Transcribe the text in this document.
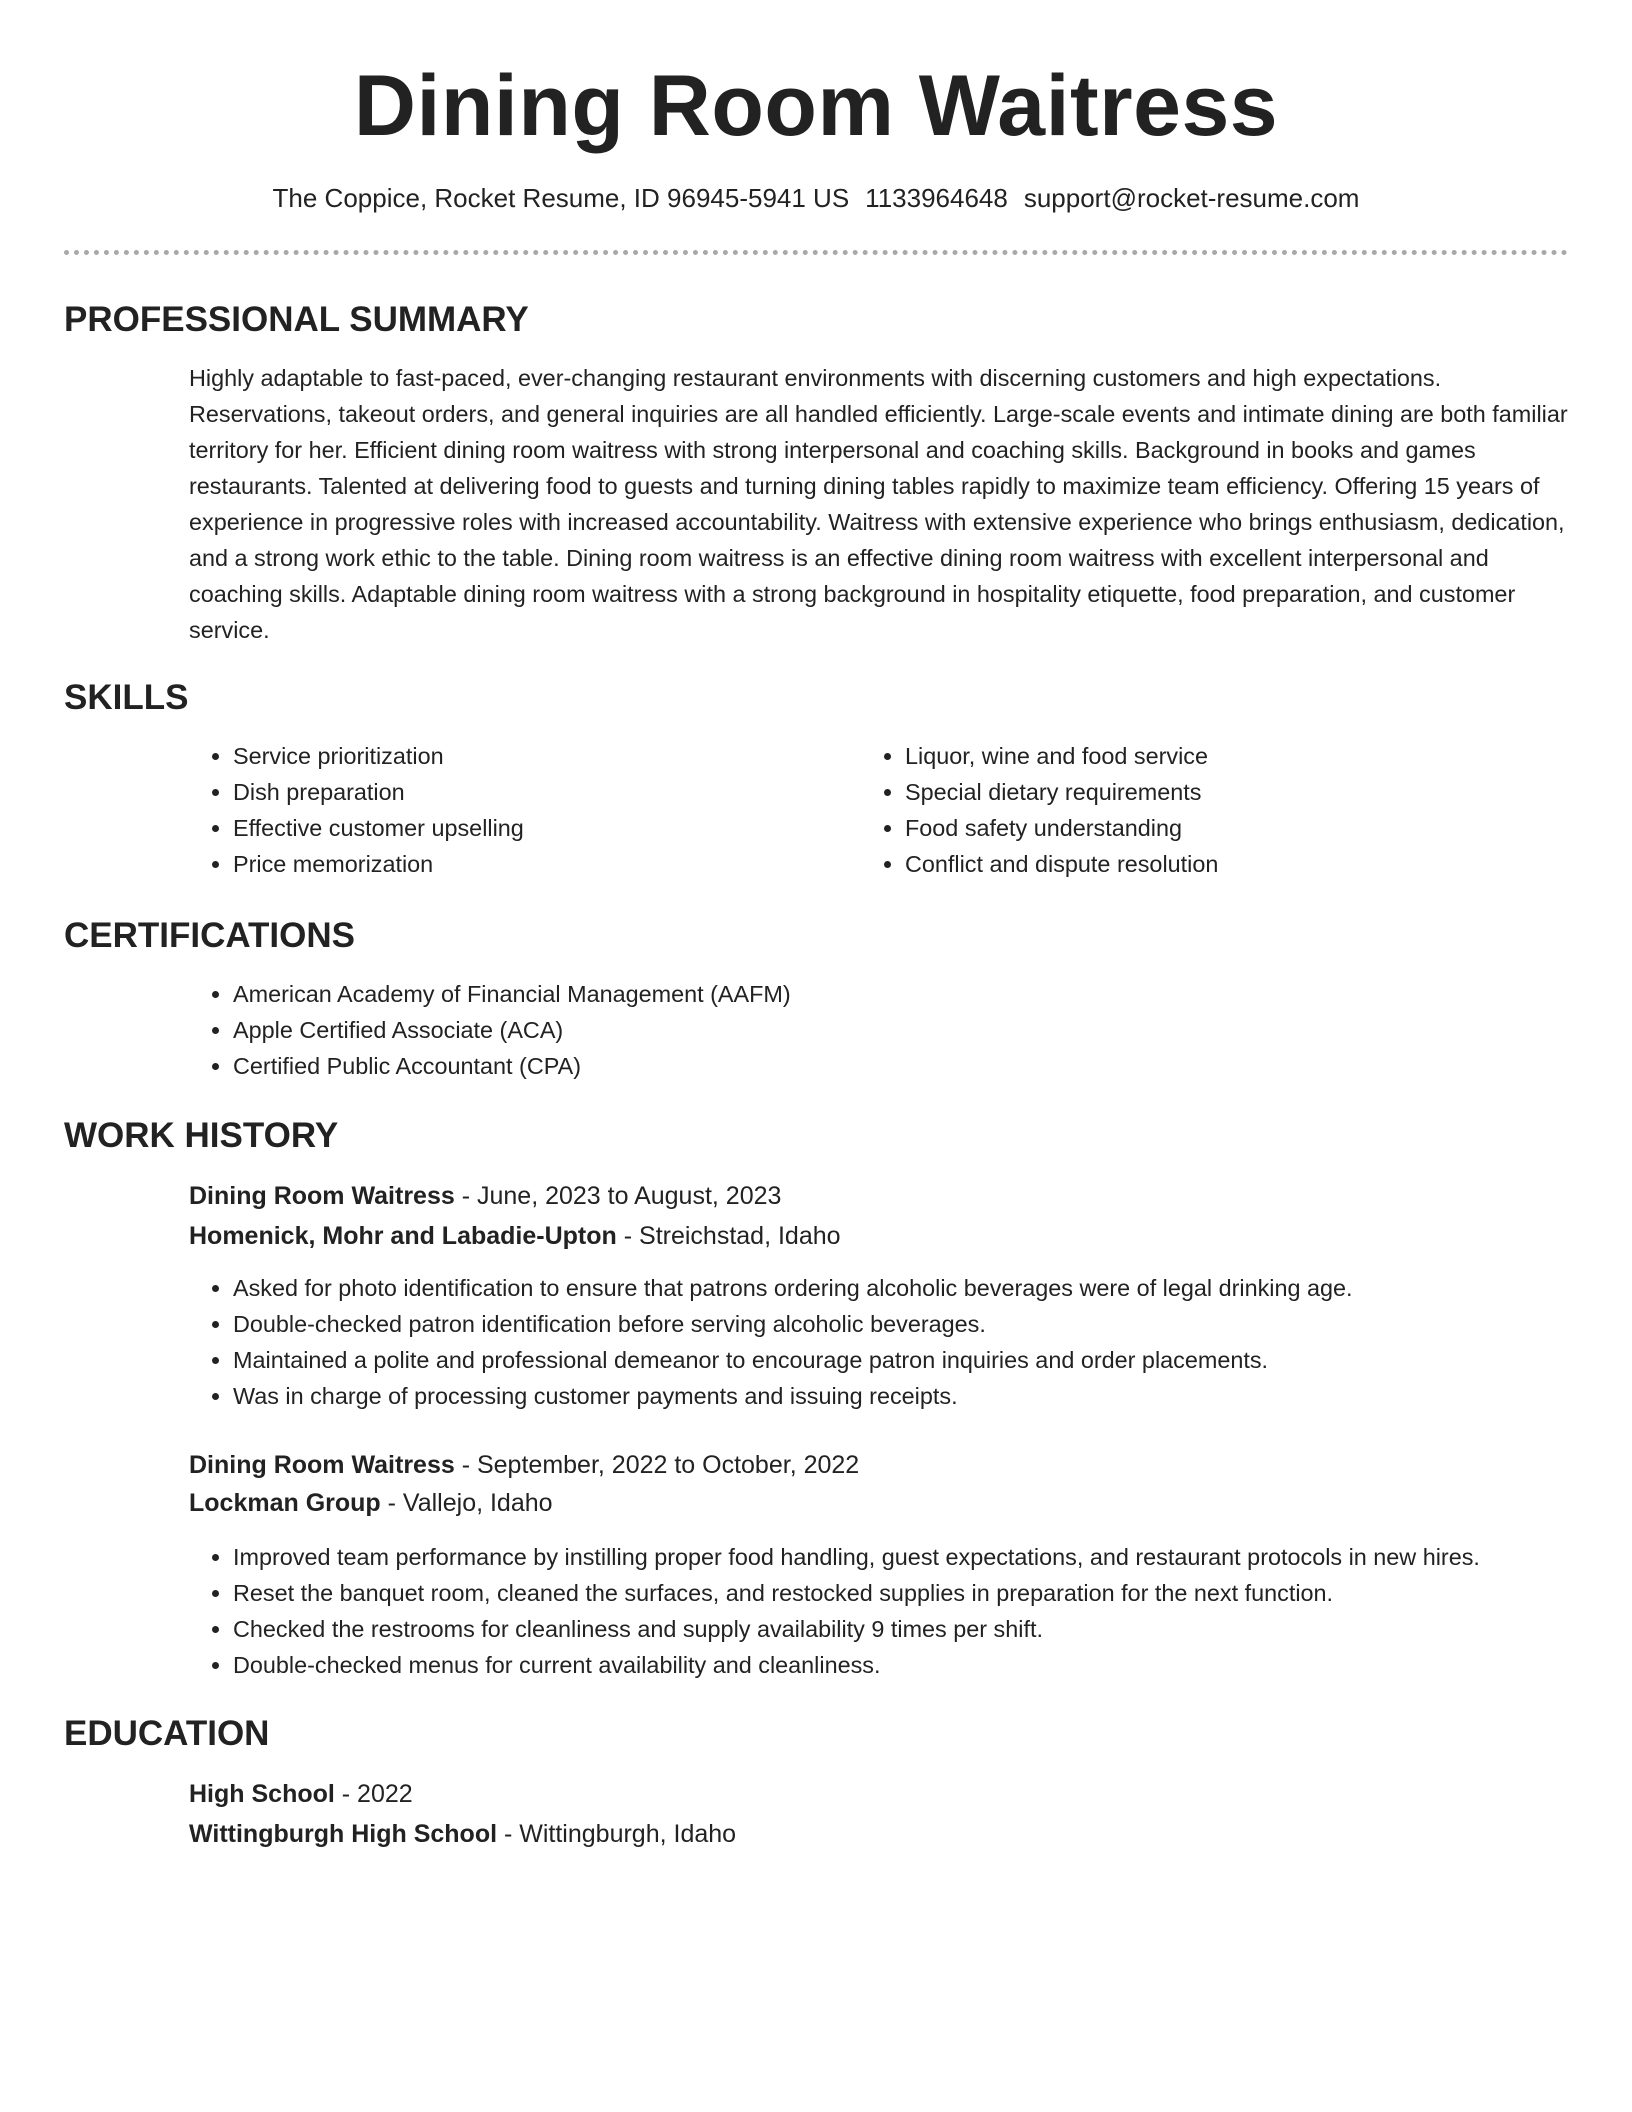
Dining Room Waitress
The Coppice, Rocket Resume, ID 96945-5941 US 1133964648 support@rocket-resume.com
PROFESSIONAL SUMMARY
Highly adaptable to fast-paced, ever-changing restaurant environments with discerning customers and high expectations. Reservations, takeout orders, and general inquiries are all handled efficiently. Large-scale events and intimate dining are both familiar territory for her. Efficient dining room waitress with strong interpersonal and coaching skills. Background in books and games restaurants. Talented at delivering food to guests and turning dining tables rapidly to maximize team efficiency. Offering 15 years of experience in progressive roles with increased accountability. Waitress with extensive experience who brings enthusiasm, dedication, and a strong work ethic to the table. Dining room waitress is an effective dining room waitress with excellent interpersonal and coaching skills. Adaptable dining room waitress with a strong background in hospitality etiquette, food preparation, and customer service.
SKILLS
• Service prioritization
• Dish preparation
• Effective customer upselling
• Price memorization
• Liquor, wine and food service
• Special dietary requirements
• Food safety understanding
• Conflict and dispute resolution
CERTIFICATIONS
• American Academy of Financial Management (AAFM)
• Apple Certified Associate (ACA)
• Certified Public Accountant (CPA)
WORK HISTORY
Dining Room Waitress - June, 2023 to August, 2023
Homenick, Mohr and Labadie-Upton - Streichstad, Idaho
• Asked for photo identification to ensure that patrons ordering alcoholic beverages were of legal drinking age.
• Double-checked patron identification before serving alcoholic beverages.
• Maintained a polite and professional demeanor to encourage patron inquiries and order placements.
• Was in charge of processing customer payments and issuing receipts.
Dining Room Waitress - September, 2022 to October, 2022
Lockman Group - Vallejo, Idaho
• Improved team performance by instilling proper food handling, guest expectations, and restaurant protocols in new hires.
• Reset the banquet room, cleaned the surfaces, and restocked supplies in preparation for the next function.
• Checked the restrooms for cleanliness and supply availability 9 times per shift.
• Double-checked menus for current availability and cleanliness.
EDUCATION
High School - 2022
Wittingburgh High School - Wittingburgh, Idaho
